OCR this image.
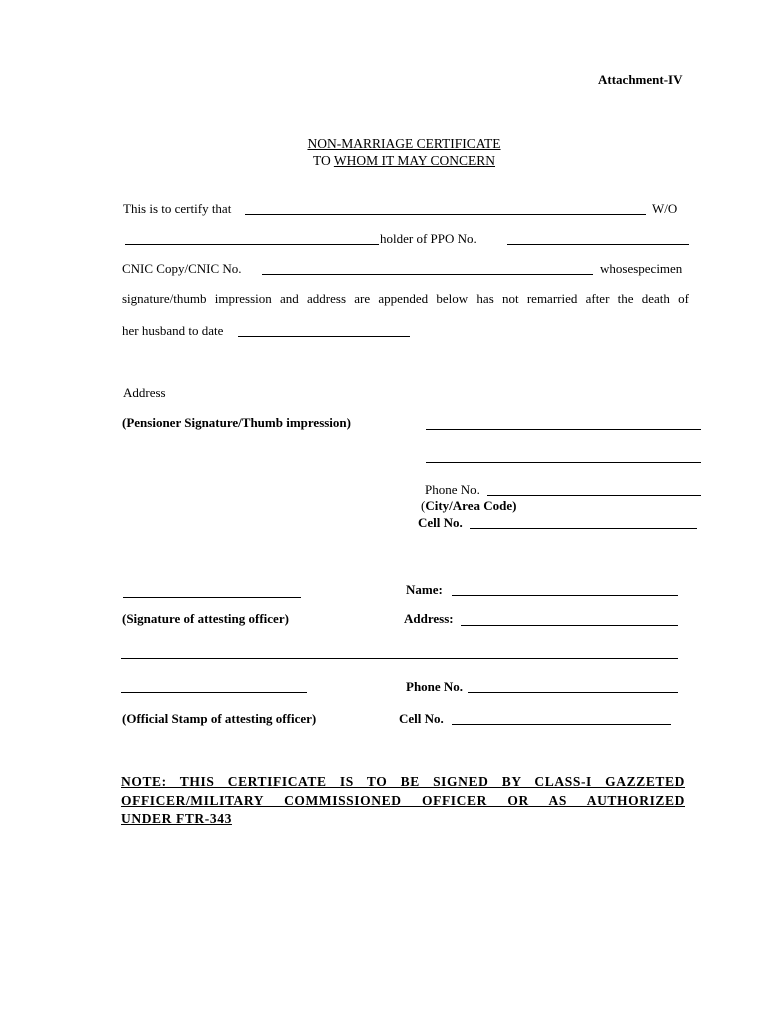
Attachment-IV
NON-MARRIAGE CERTIFICATE
TO WHOM IT MAY CONCERN
This is to certify that	W/O
holder of PPO No.
CNIC Copy/CNIC No.	whosespecimen
signature/thumb impression and address are appended below has not remarried after the death of
her husband to date
Address
(Pensioner Signature/Thumb impression)
Phone No.
(City/Area Code)
Cell No.
Name:
(Signature of attesting officer)	Address:
Phone No.
(Official Stamp of attesting officer)	Cell No.
NOTE: THIS CERTIFICATE IS TO BE SIGNED BY CLASS-I GAZZETED
OFFICER/MILITARY COMMISSIONED OFFICER OR AS AUTHORIZED
UNDER FTR-343
